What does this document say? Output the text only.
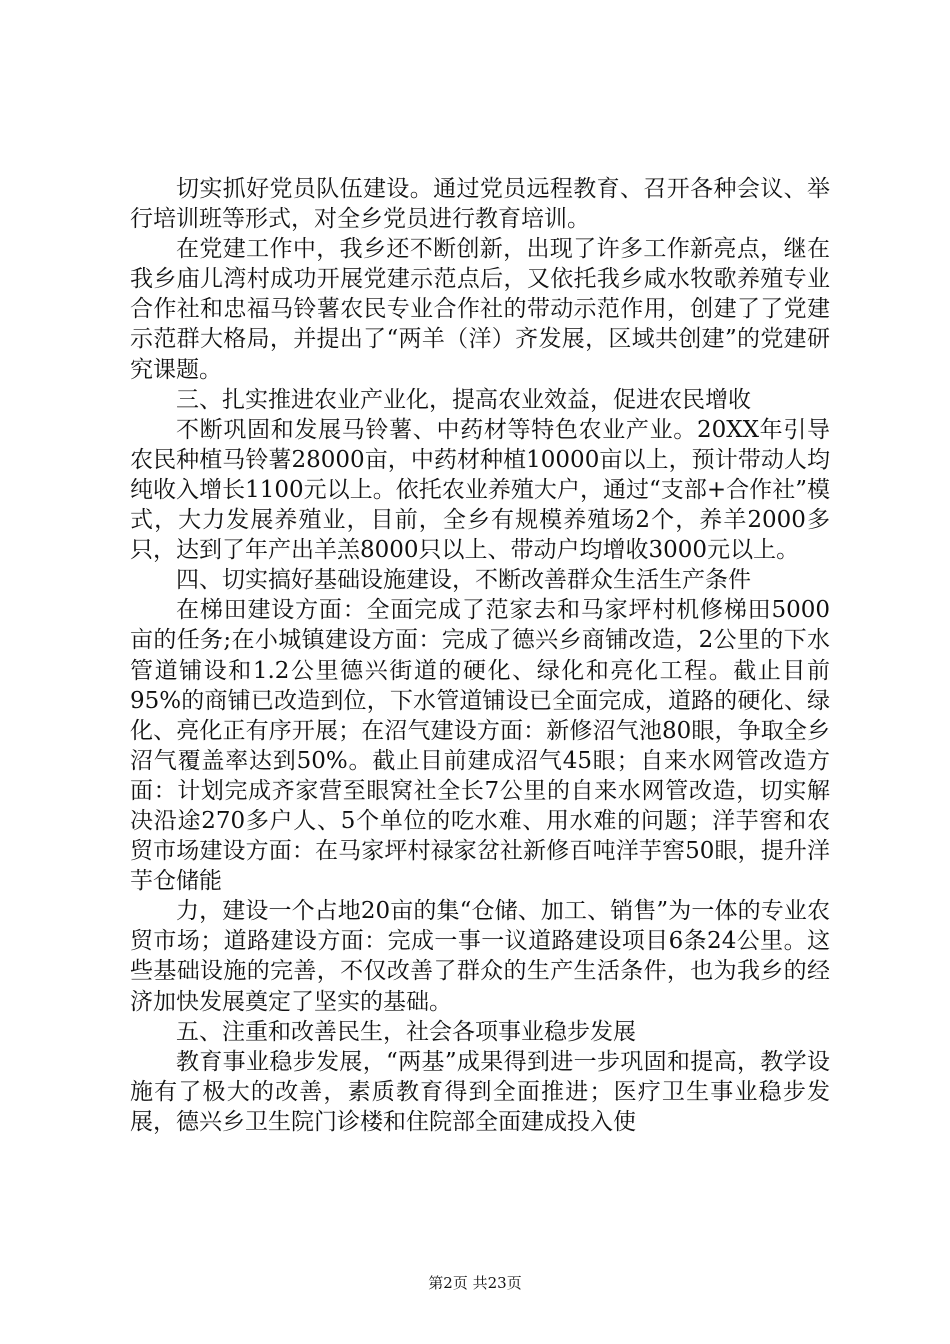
切实抓好党员队伍建设。通过党员远程教育、召开各种会议、举行培训班等形式，对全乡党员进行教育培训。

在党建工作中，我乡还不断创新，出现了许多工作新亮点，继在我乡庙儿湾村成功开展党建示范点后，又依托我乡咸水牧歌养殖专业合作社和忠福马铃薯农民专业合作社的带动示范作用，创建了了党建示范群大格局，并提出了“两羊（洋）齐发展，区域共创建”的党建研究课题。

三、扎实推进农业产业化，提高农业效益，促进农民增收

不断巩固和发展马铃薯、中药材等特色农业产业。20XX年引导农民种植马铃薯28000亩，中药材种植10000亩以上，预计带动人均纯收入增长1100元以上。依托农业养殖大户，通过“支部+合作社”模式，大力发展养殖业，目前，全乡有规模养殖场2个，养羊2000多只，达到了年产出羊羔8000只以上、带动户均增收3000元以上。

四、切实搞好基础设施建设，不断改善群众生活生产条件

在梯田建设方面：全面完成了范家去和马家坪村机修梯田5000亩的任务;在小城镇建设方面：完成了德兴乡商铺改造，2公里的下水管道铺设和1.2公里德兴街道的硬化、绿化和亮化工程。截止目前95%的商铺已改造到位，下水管道铺设已全面完成，道路的硬化、绿化、亮化正有序开展；在沼气建设方面：新修沼气池80眼，争取全乡沼气覆盖率达到50%。截止目前建成沼气45眼；自来水网管改造方面：计划完成齐家营至眼窝社全长7公里的自来水网管改造，切实解决沿途270多户人、5个单位的吃水难、用水难的问题；洋芋窖和农贸市场建设方面：在马家坪村禄家岔社新修百吨洋芋窖50眼，提升洋芋仓储能

力，建设一个占地20亩的集“仓储、加工、销售”为一体的专业农贸市场；道路建设方面：完成一事一议道路建设项目6条24公里。这些基础设施的完善，不仅改善了群众的生产生活条件，也为我乡的经济加快发展奠定了坚实的基础。

五、注重和改善民生，社会各项事业稳步发展

教育事业稳步发展，“两基”成果得到进一步巩固和提高，教学设施有了极大的改善，素质教育得到全面推进；医疗卫生事业稳步发展，德兴乡卫生院门诊楼和住院部全面建成投入使

第2页 共23页
